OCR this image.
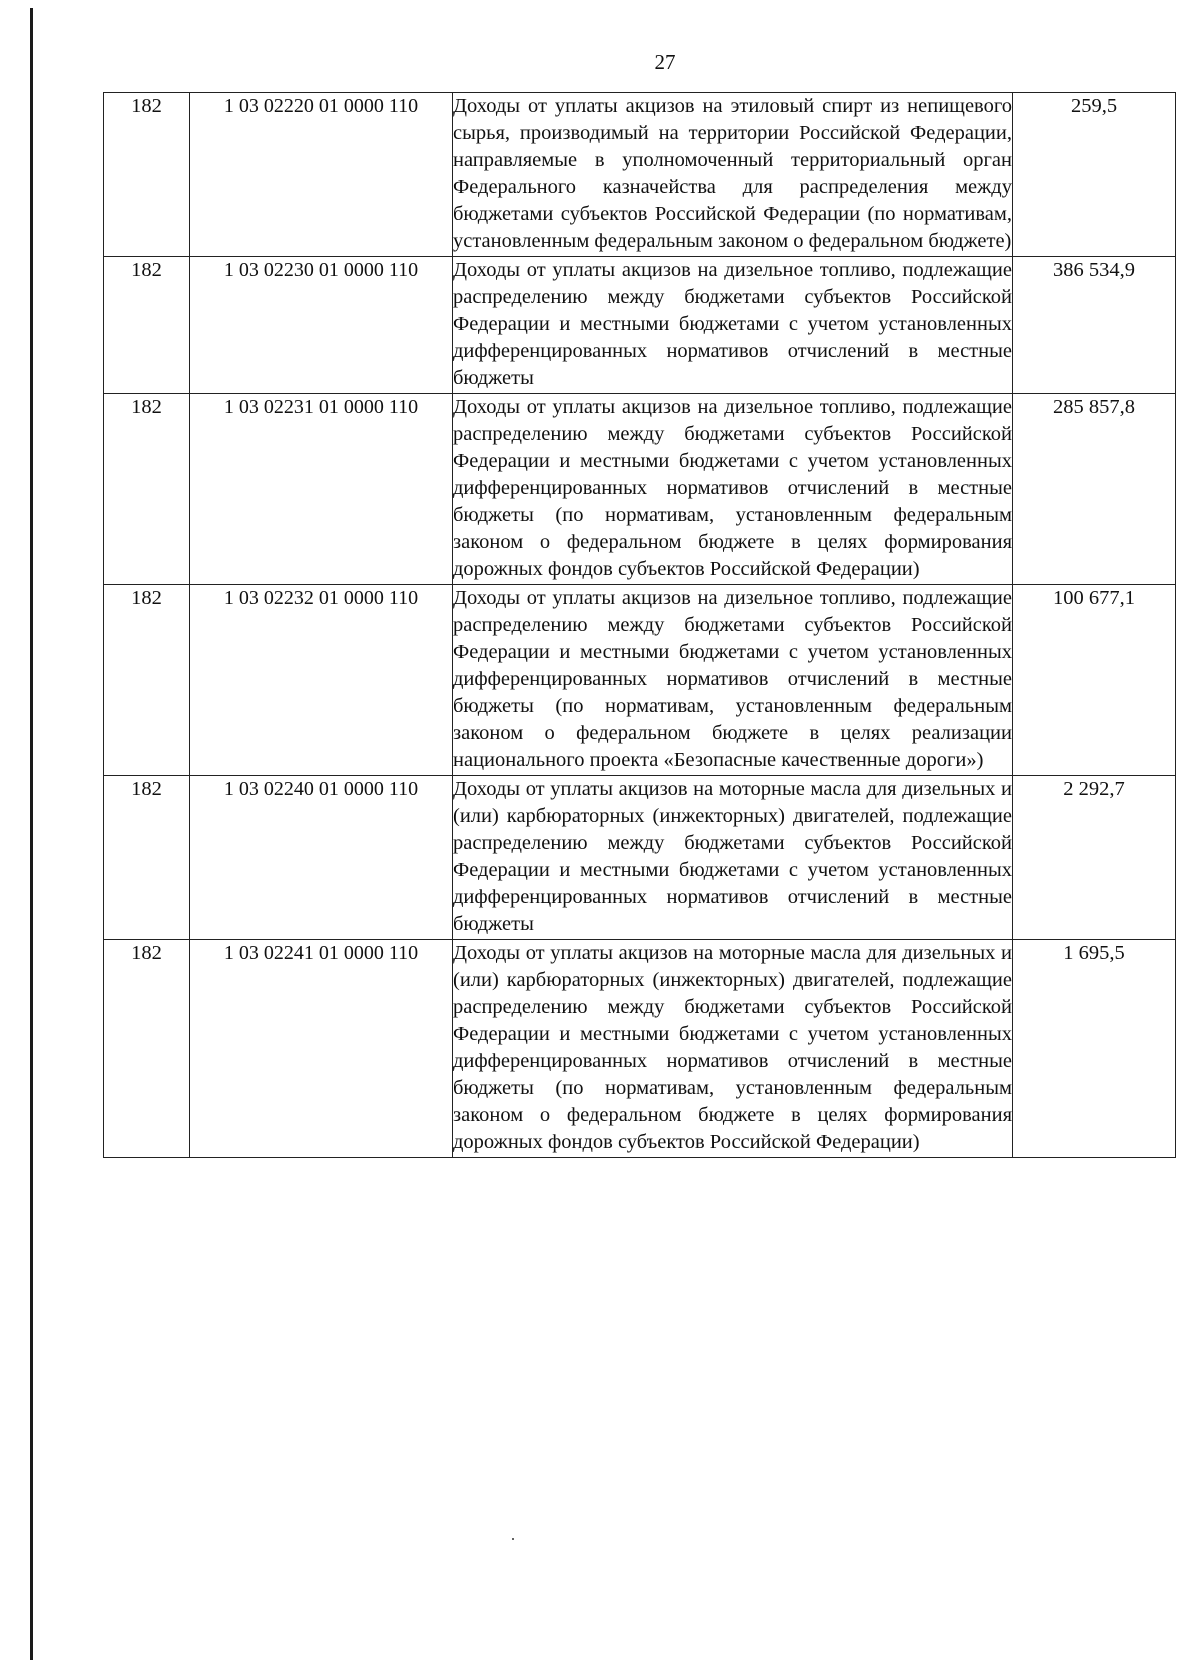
27
182	1 03 02220 01 0000 110	Доходы от уплаты акцизов на этиловый спирт из непищевого сырья, производимый на территории Российской Федерации, направляемые в уполномоченный территориальный орган Федерального казначейства для распределения между бюджетами субъектов Российской Федерации (по нормативам, установленным федеральным законом о федеральном бюджете)	259,5
182	1 03 02230 01 0000 110	Доходы от уплаты акцизов на дизельное топливо, подлежащие распределению между бюджетами субъектов Российской Федерации и местными бюджетами с учетом установленных дифференцированных нормативов отчислений в местные бюджеты	386 534,9
182	1 03 02231 01 0000 110	Доходы от уплаты акцизов на дизельное топливо, подлежащие распределению между бюджетами субъектов Российской Федерации и местными бюджетами с учетом установленных дифференцированных нормативов отчислений в местные бюджеты (по нормативам, установленным федеральным законом о федеральном бюджете в целях формирования дорожных фондов субъектов Российской Федерации)	285 857,8
182	1 03 02232 01 0000 110	Доходы от уплаты акцизов на дизельное топливо, подлежащие распределению между бюджетами субъектов Российской Федерации и местными бюджетами с учетом установленных дифференцированных нормативов отчислений в местные бюджеты (по нормативам, установленным федеральным законом о федеральном бюджете в целях реализации национального проекта «Безопасные качественные дороги»)	100 677,1
182	1 03 02240 01 0000 110	Доходы от уплаты акцизов на моторные масла для дизельных и (или) карбюраторных (инжекторных) двигателей, подлежащие распределению между бюджетами субъектов Российской Федерации и местными бюджетами с учетом установленных дифференцированных нормативов отчислений в местные бюджеты	2 292,7
182	1 03 02241 01 0000 110	Доходы от уплаты акцизов на моторные масла для дизельных и (или) карбюраторных (инжекторных) двигателей, подлежащие распределению между бюджетами субъектов Российской Федерации и местными бюджетами с учетом установленных дифференцированных нормативов отчислений в местные бюджеты (по нормативам, установленным федеральным законом о федеральном бюджете в целях формирования дорожных фондов субъектов Российской Федерации)	1 695,5
